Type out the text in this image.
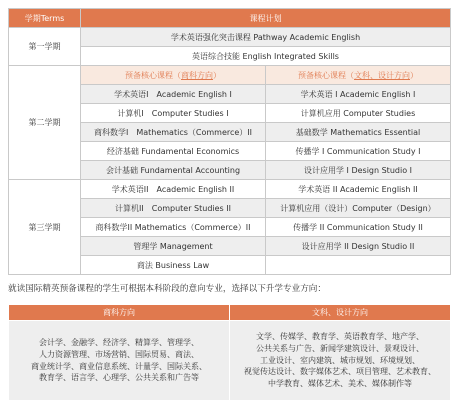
学期Terms	课程计划	
第一学期	学术英语强化突击课程 Pathway Academic English	
	英语综合技能 English Integrated Skills	
第二学期	预备核心课程（商科方向）	预备核心课程（文科、设计方向）
	学术英语I　Academic English I	学术英语 I Academic English I
	计算机I　Computer Studies I	计算机应用 Computer Studies
	商科数学I　Mathematics（Commerce）II	基础数学 Mathematics Essential
	经济基础 Fundamental Economics	传播学 I Communication Study I
	会计基础 Fundamental Accounting	设计应用学 I Design Studio I
第三学期	学术英语II　Academic English II	学术英语 II Academic English II
	计算机II　Computer Studies II	计算机应用（设计）Computer（Design）
	商科数学II Mathematics（Commerce）II	传播学 II Communication Study II
	管理学 Management	设计应用学 II Design Studio II
	商法 Business Law	
就读国际精英预备课程的学生可根据本科阶段的意向专业，选择以下升学专业方向：
商科方向	文科、设计方向

会计学、金融学、经济学、精算学、管理学、
人力资源管理、市场营销、国际贸易、商法、
商业统计学、商业信息系统、计量学、国际关系、
教育学、语言学、心理学、公共关系和广告等	文学、传媒学、教育学、英语教育学、地产学、
公共关系与广告、新闻学建筑设计、景观设计、
工业设计、室内建筑、城市规划、环境规划、
视觉传达设计、数字媒体艺术、项目管理、艺术教育、
中学教育、媒体艺术、美术、媒体制作等
